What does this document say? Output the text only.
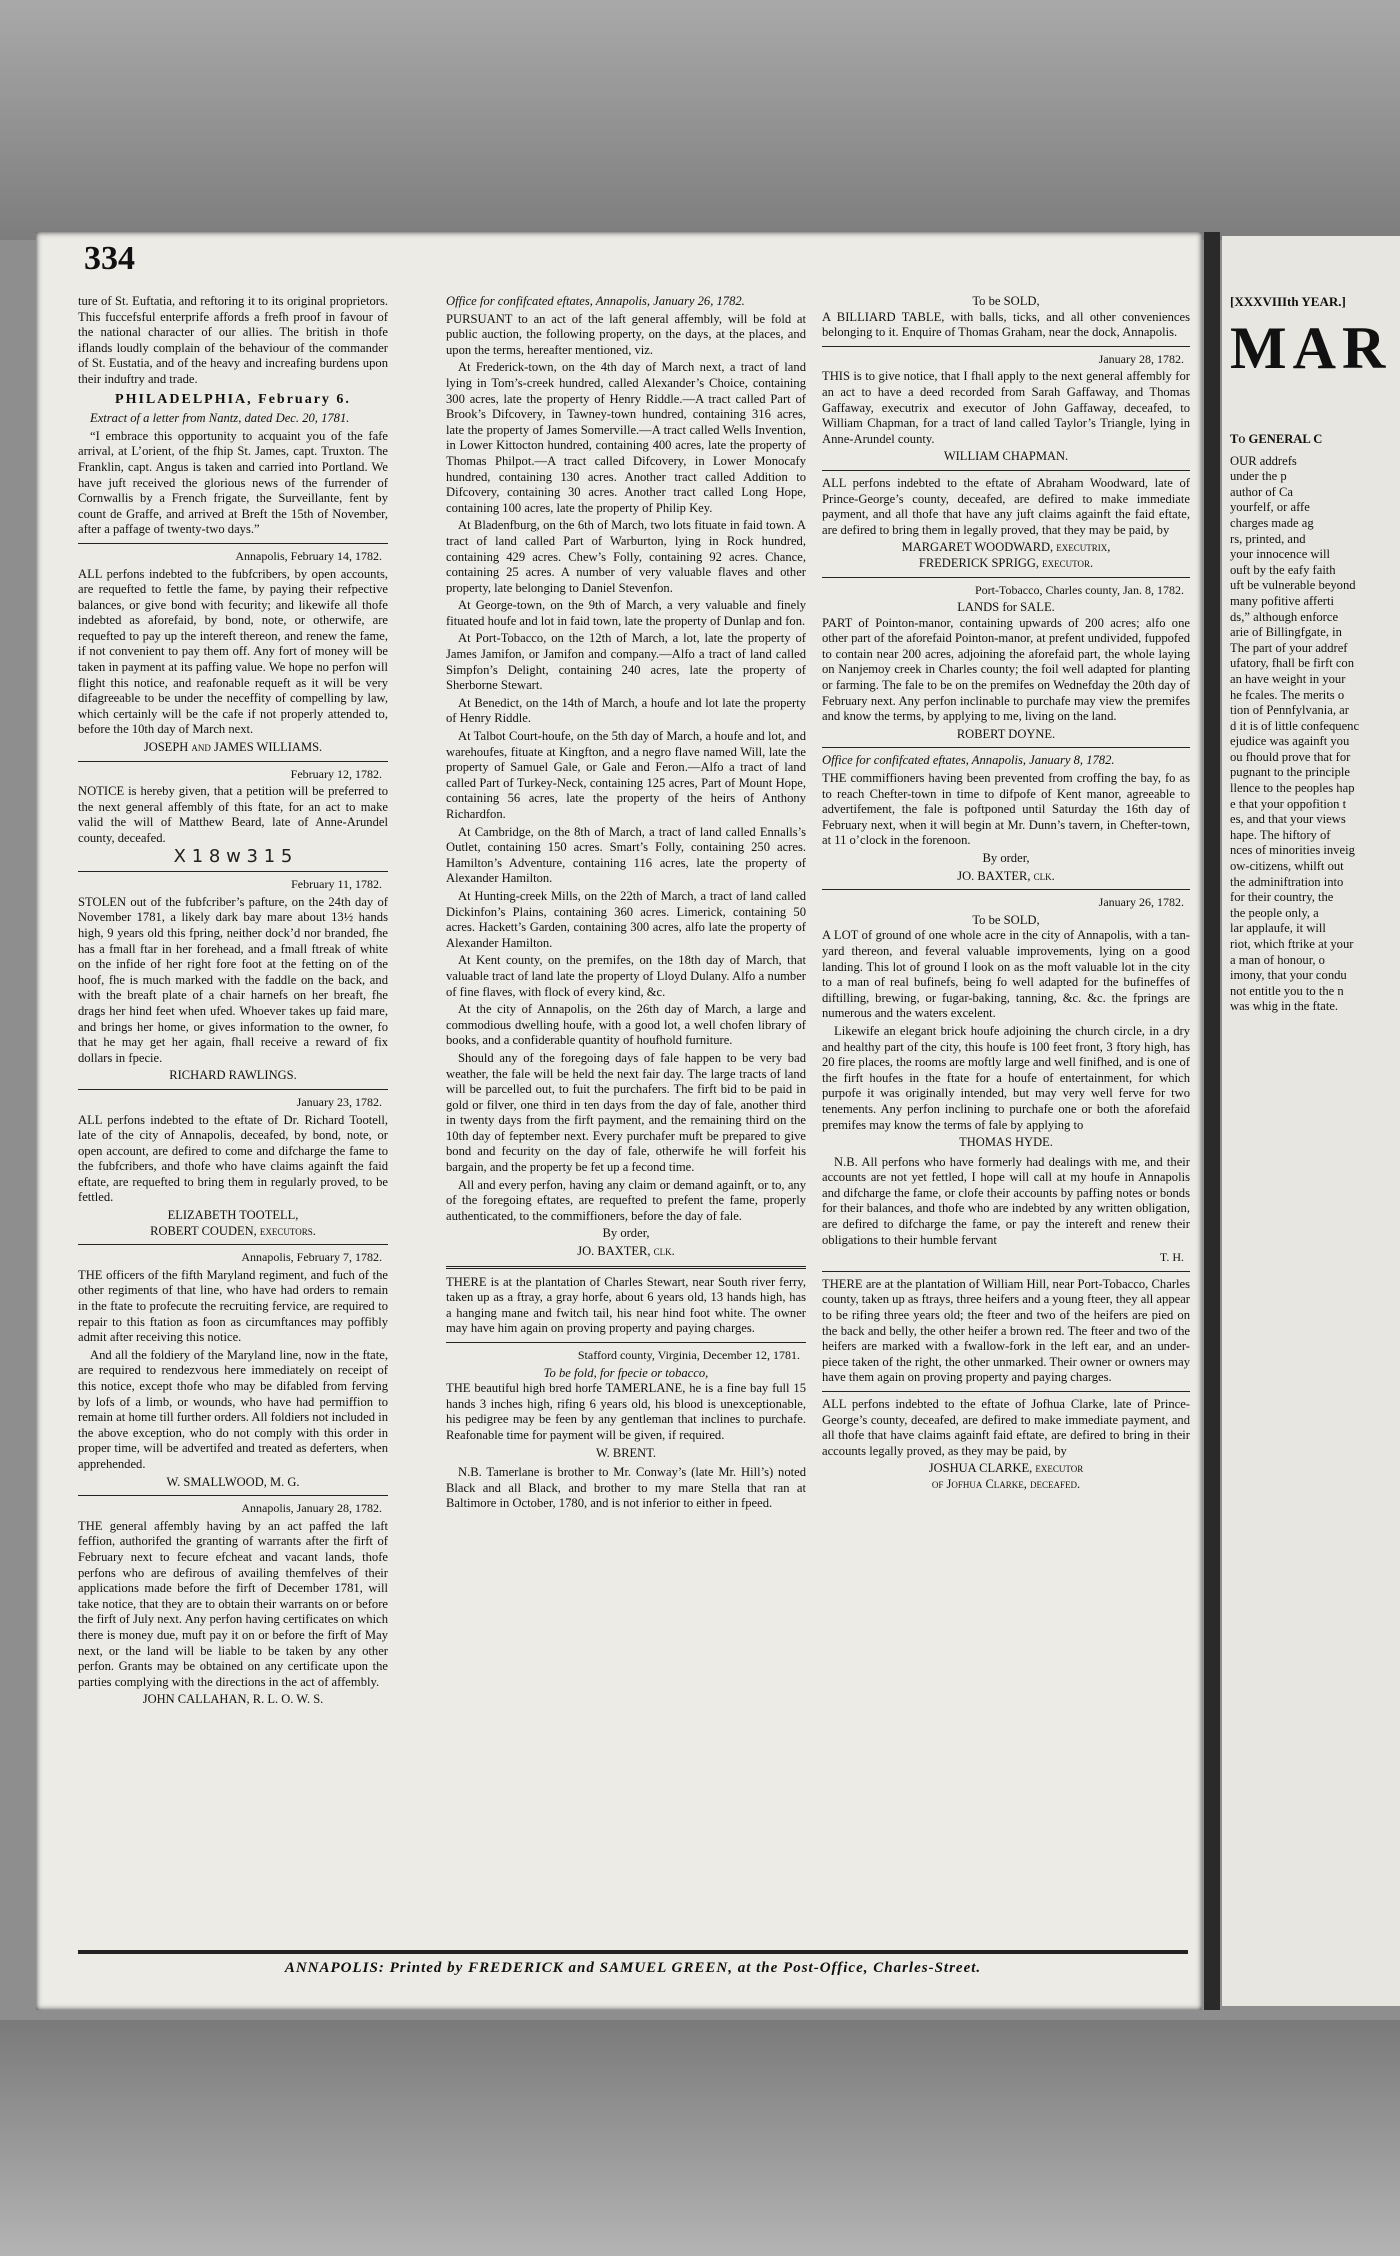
334

ture of St. Euftatia, and reftoring it to its original proprietors. This fuccefsful enterprife affords a frefh proof in favour of the national character of our allies. The british in thofe iflands loudly complain of the behaviour of the commander of St. Eustatia, and of the heavy and increafing burdens upon their induftry and trade.

PHILADELPHIA, February 6.

Extract of a letter from Nantz, dated Dec. 20, 1781.

“I embrace this opportunity to acquaint you of the fafe arrival, at L’orient, of the fhip St. James, capt. Truxton. The Franklin, capt. Angus is taken and carried into Portland. We have juft received the glorious news of the furrender of Cornwallis by a French frigate, the Surveillante, fent by count de Graffe, and arrived at Breft the 15th of November, after a paffage of twenty-two days.”

Annapolis, February 14, 1782.

ALL perfons indebted to the fubfcribers, by open accounts, are requefted to fettle the fame, by paying their refpective balances, or give bond with fecurity; and likewife all thofe indebted as aforefaid, by bond, note, or otherwife, are requefted to pay up the intereft thereon, and renew the fame, if not convenient to pay them off. Any fort of money will be taken in payment at its paffing value. We hope no perfon will flight this notice, and reafonable requeft as it will be very difagreeable to be under the neceffity of compelling by law, which certainly will be the cafe if not properly attended to, before the 10th day of March next.

JOSEPH and JAMES WILLIAMS.
February 12, 1782.

NOTICE is hereby given, that a petition will be preferred to the next general affembly of this ftate, for an act to make valid the will of Matthew Beard, late of Anne-Arundel county, deceafed.

X 1 8 w 3 1 5
February 11, 1782.

STOLEN out of the fubfcriber’s pafture, on the 24th day of November 1781, a likely dark bay mare about 13½ hands high, 9 years old this fpring, neither dock’d nor branded, fhe has a fmall ftar in her forehead, and a fmall ftreak of white on the infide of her right fore foot at the fetting on of the hoof, fhe is much marked with the faddle on the back, and with the breaft plate of a chair harnefs on her breaft, fhe drags her hind feet when ufed. Whoever takes up faid mare, and brings her home, or gives information to the owner, fo that he may get her again, fhall receive a reward of fix dollars in fpecie.

RICHARD RAWLINGS.
January 23, 1782.

ALL perfons indebted to the eftate of Dr. Richard Tootell, late of the city of Annapolis, deceafed, by bond, note, or open account, are defired to come and difcharge the fame to the fubfcribers, and thofe who have claims againft the faid eftate, are requefted to bring them in regularly proved, to be fettled.

ELIZABETH TOOTELL,
ROBERT COUDEN, executors.
Annapolis, February 7, 1782.

THE officers of the fifth Maryland regiment, and fuch of the other regiments of that line, who have had orders to remain in the ftate to profecute the recruiting fervice, are required to repair to this ftation as foon as circumftances may poffibly admit after receiving this notice.

And all the foldiery of the Maryland line, now in the ftate, are required to rendezvous here immediately on receipt of this notice, except thofe who may be difabled from ferving by lofs of a limb, or wounds, who have had permiffion to remain at home till further orders. All foldiers not included in the above exception, who do not comply with this order in proper time, will be advertifed and treated as deferters, when apprehended.

W. SMALLWOOD, M. G.
Annapolis, January 28, 1782.

THE general affembly having by an act paffed the laft feffion, authorifed the granting of warrants after the firft of February next to fecure efcheat and vacant lands, thofe perfons who are defirous of availing themfelves of their applications made before the firft of December 1781, will take notice, that they are to obtain their warrants on or before the firft of July next. Any perfon having certificates on which there is money due, muft pay it on or before the firft of May next, or the land will be liable to be taken by any other perfon. Grants may be obtained on any certificate upon the parties complying with the directions in the act of affembly.

JOHN CALLAHAN, R. L. O. W. S.

Office for confifcated eftates, Annapolis, January 26, 1782.

PURSUANT to an act of the laft general affembly, will be fold at public auction, the following property, on the days, at the places, and upon the terms, hereafter mentioned, viz.

At Frederick-town, on the 4th day of March next, a tract of land lying in Tom’s-creek hundred, called Alexander’s Choice, containing 300 acres, late the property of Henry Riddle.—A tract called Part of Brook’s Difcovery, in Tawney-town hundred, containing 316 acres, late the property of James Somerville.—A tract called Wells Invention, in Lower Kittocton hundred, containing 400 acres, late the property of Thomas Philpot.—A tract called Difcovery, in Lower Monocafy hundred, containing 130 acres. Another tract called Addition to Difcovery, containing 30 acres. Another tract called Long Hope, containing 100 acres, late the property of Philip Key.

At Bladenfburg, on the 6th of March, two lots fituate in faid town. A tract of land called Part of Warburton, lying in Rock hundred, containing 429 acres. Chew’s Folly, containing 92 acres. Chance, containing 25 acres. A number of very valuable flaves and other property, late belonging to Daniel Stevenfon.

At George-town, on the 9th of March, a very valuable and finely fituated houfe and lot in faid town, late the property of Dunlap and fon.

At Port-Tobacco, on the 12th of March, a lot, late the property of James Jamifon, or Jamifon and company.—Alfo a tract of land called Simpfon’s Delight, containing 240 acres, late the property of Sherborne Stewart.

At Benedict, on the 14th of March, a houfe and lot late the property of Henry Riddle.

At Talbot Court-houfe, on the 5th day of March, a houfe and lot, and warehoufes, fituate at Kingfton, and a negro flave named Will, late the property of Samuel Gale, or Gale and Feron.—Alfo a tract of land called Part of Turkey-Neck, containing 125 acres, Part of Mount Hope, containing 56 acres, late the property of the heirs of Anthony Richardfon.

At Cambridge, on the 8th of March, a tract of land called Ennalls’s Outlet, containing 150 acres. Smart’s Folly, containing 250 acres. Hamilton’s Adventure, containing 116 acres, late the property of Alexander Hamilton.

At Hunting-creek Mills, on the 22th of March, a tract of land called Dickinfon’s Plains, containing 360 acres. Limerick, containing 50 acres. Hackett’s Garden, containing 300 acres, alfo late the property of Alexander Hamilton.

At Kent county, on the premifes, on the 18th day of March, that valuable tract of land late the property of Lloyd Dulany. Alfo a number of fine flaves, with flock of every kind, &c.

At the city of Annapolis, on the 26th day of March, a large and commodious dwelling houfe, with a good lot, a well chofen library of books, and a confiderable quantity of houfhold furniture.

Should any of the foregoing days of fale happen to be very bad weather, the fale will be held the next fair day. The large tracts of land will be parcelled out, to fuit the purchafers. The firft bid to be paid in gold or filver, one third in ten days from the day of fale, another third in twenty days from the firft payment, and the remaining third on the 10th day of feptember next. Every purchafer muft be prepared to give bond and fecurity on the day of fale, otherwife he will forfeit his bargain, and the property be fet up a fecond time.

All and every perfon, having any claim or demand againft, or to, any of the foregoing eftates, are requefted to prefent the fame, properly authenticated, to the commiffioners, before the day of fale.

By order,
JO. BAXTER, clk.

THERE is at the plantation of Charles Stewart, near South river ferry, taken up as a ftray, a gray horfe, about 6 years old, 13 hands high, has a hanging mane and fwitch tail, his near hind foot white. The owner may have him again on proving property and paying charges.

Stafford county, Virginia, December 12, 1781.
To be fold, for fpecie or tobacco,

THE beautiful high bred horfe TAMERLANE, he is a fine bay full 15 hands 3 inches high, rifing 6 years old, his blood is unexceptionable, his pedigree may be feen by any gentleman that inclines to purchafe. Reafonable time for payment will be given, if required.

W. BRENT.

N.B. Tamerlane is brother to Mr. Conway’s (late Mr. Hill’s) noted Black and all Black, and brother to my mare Stella that ran at Baltimore in October, 1780, and is not inferior to either in fpeed.

To be SOLD,

A BILLIARD TABLE, with balls, ticks, and all other conveniences belonging to it. Enquire of Thomas Graham, near the dock, Annapolis.

January 28, 1782.

THIS is to give notice, that I fhall apply to the next general affembly for an act to have a deed recorded from Sarah Gaffaway, and Thomas Gaffaway, executrix and executor of John Gaffaway, deceafed, to William Chapman, for a tract of land called Taylor’s Triangle, lying in Anne-Arundel county.

WILLIAM CHAPMAN.

ALL perfons indebted to the eftate of Abraham Woodward, late of Prince-George’s county, deceafed, are defired to make immediate payment, and all thofe that have any juft claims againft the faid eftate, are defired to bring them in legally proved, that they may be paid, by

MARGARET WOODWARD, executrix,
FREDERICK SPRIGG, executor.
Port-Tobacco, Charles county, Jan. 8, 1782.
LANDS for SALE.

PART of Pointon-manor, containing upwards of 200 acres; alfo one other part of the aforefaid Pointon-manor, at prefent undivided, fuppofed to contain near 200 acres, adjoining the aforefaid part, the whole laying on Nanjemoy creek in Charles county; the foil well adapted for planting or farming. The fale to be on the premifes on Wednefday the 20th day of February next. Any perfon inclinable to purchafe may view the premifes and know the terms, by applying to me, living on the land.

ROBERT DOYNE.

Office for confifcated eftates, Annapolis, January 8, 1782.

THE commiffioners having been prevented from croffing the bay, fo as to reach Chefter-town in time to difpofe of Kent manor, agreeable to advertifement, the fale is poftponed until Saturday the 16th day of February next, when it will begin at Mr. Dunn’s tavern, in Chefter-town, at 11 o’clock in the forenoon.

By order,
JO. BAXTER, clk.
January 26, 1782.
To be SOLD,

A LOT of ground of one whole acre in the city of Annapolis, with a tan-yard thereon, and feveral valuable improvements, lying on a good landing. This lot of ground I look on as the moft valuable lot in the city to a man of real bufinefs, being fo well adapted for the bufineffes of diftilling, brewing, or fugar-baking, tanning, &c. &c. the fprings are numerous and the waters excelent.

Likewife an elegant brick houfe adjoining the church circle, in a dry and healthy part of the city, this houfe is 100 feet front, 3 ftory high, has 20 fire places, the rooms are moftly large and well finifhed, and is one of the firft houfes in the ftate for a houfe of entertainment, for which purpofe it was originally intended, but may very well ferve for two tenements. Any perfon inclining to purchafe one or both the aforefaid premifes may know the terms of fale by applying to

THOMAS HYDE.

N.B. All perfons who have formerly had dealings with me, and their accounts are not yet fettled, I hope will call at my houfe in Annapolis and difcharge the fame, or clofe their accounts by paffing notes or bonds for their balances, and thofe who are indebted by any written obligation, are defired to difcharge the fame, or pay the intereft and renew their obligations to their humble fervant

T. H.

THERE are at the plantation of William Hill, near Port-Tobacco, Charles county, taken up as ftrays, three heifers and a young fteer, they all appear to be rifing three years old; the fteer and two of the heifers are pied on the back and belly, the other heifer a brown red. The fteer and two of the heifers are marked with a fwallow-fork in the left ear, and an under-piece taken of the right, the other unmarked. Their owner or owners may have them again on proving property and paying charges.

ALL perfons indebted to the eftate of Jofhua Clarke, late of Prince-George’s county, deceafed, are defired to make immediate payment, and all thofe that have claims againft faid eftate, are defired to bring in their accounts legally proved, as they may be paid, by

JOSHUA CLARKE, executor
of Jofhua Clarke, deceafed.
ANNAPOLIS: Printed by FREDERICK and SAMUEL GREEN, at the Post-Office, Charles-Street.
[XXXVIIIth YEAR.]
MAR

To GENERAL C

OUR addrefs

under the p

author of Ca

yourfelf, or affe

charges made ag

rs, printed, and

your innocence will

ouft by the eafy faith

uft be vulnerable beyond

many pofitive afferti

ds,” although enforce

arie of Billingfgate, in

The part of your addref

ufatory, fhall be firft con

an have weight in your

he fcales. The merits o

tion of Pennfylvania, ar

d it is of little confequenc

ejudice was againft you

ou fhould prove that for

pugnant to the principle

llence to the peoples hap

e that your oppofition t

es, and that your views

hape. The hiftory of

nces of minorities inveig

ow-citizens, whilft out

the adminiftration into

for their country, the

the people only, a

lar applaufe, it will

riot, which ftrike at your

a man of honour, o

imony, that your condu

not entitle you to the n

was whig in the ftate.
